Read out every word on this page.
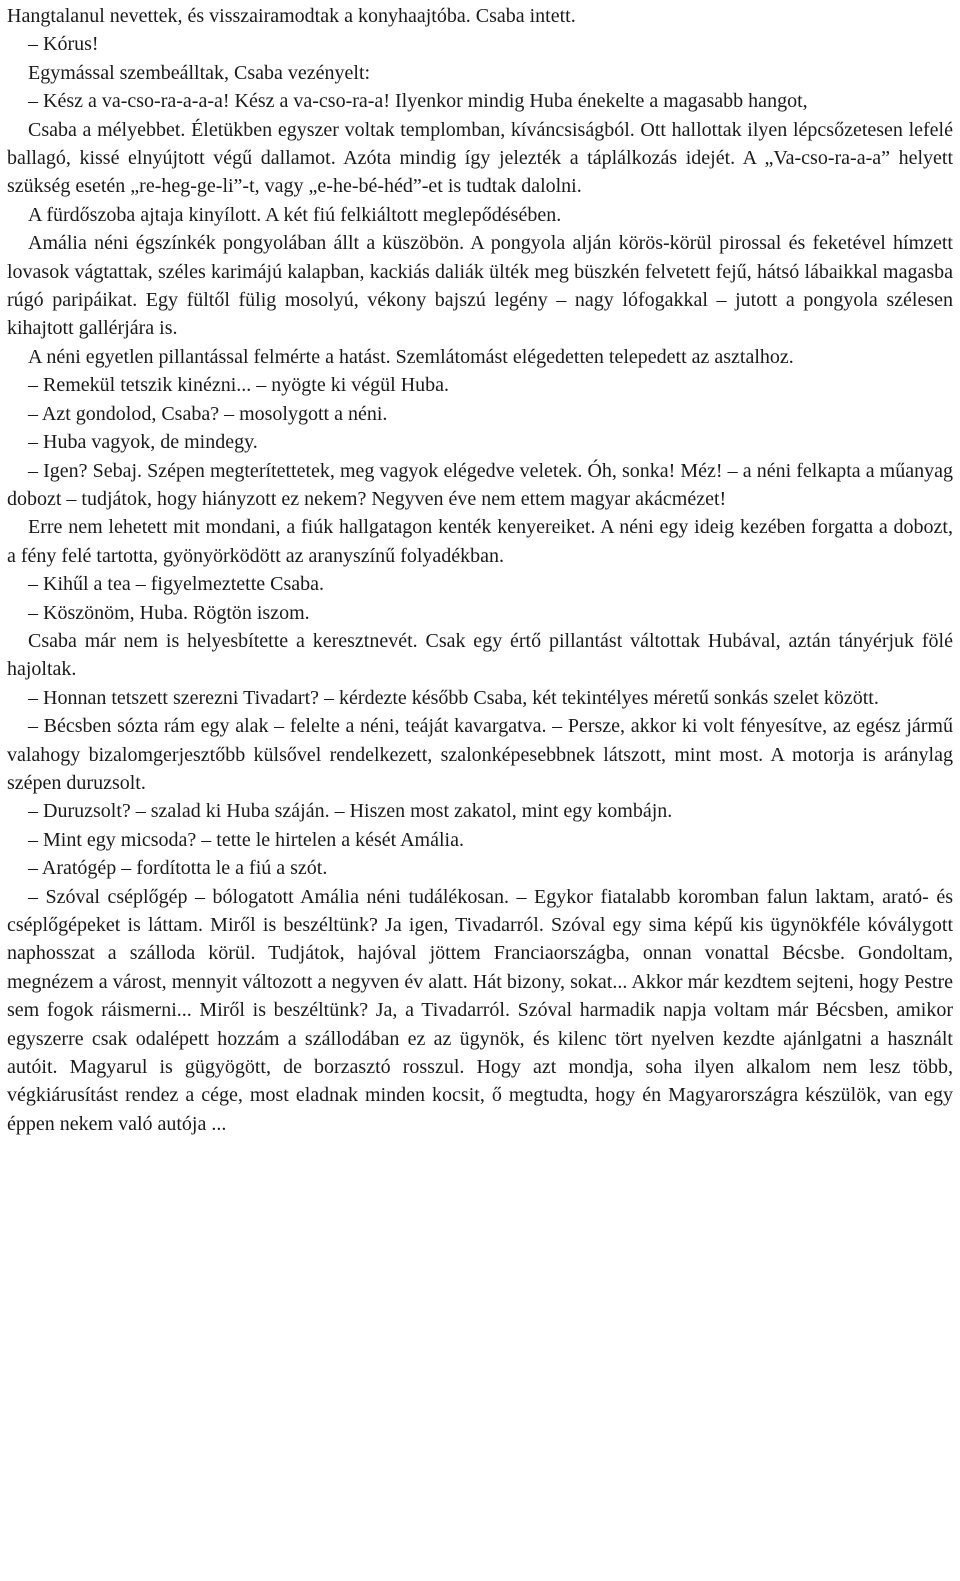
Hangtalanul nevettek, és visszairamodtak a konyhaajtóba. Csaba intett.

– Kórus!

Egymással szembeálltak, Csaba vezényelt:

– Kész a va-cso-ra-a-a-a! Kész a va-cso-ra-a! Ilyenkor mindig Huba énekelte a magasabb hangot,

Csaba a mélyebbet. Életükben egyszer voltak templomban, kíváncsiságból. Ott hallottak ilyen lépcsőzetesen lefelé ballagó, kissé elnyújtott végű dallamot. Azóta mindig így jelezték a táplálkozás idejét. A „Va-cso-ra-a-a” helyett szükség esetén „re-heg-ge-li”-t, vagy „e-he-bé-héd”-et is tudtak dalolni.

A fürdőszoba ajtaja kinyílott. A két fiú felkiáltott meglepődésében.

Amália néni égszínkék pongyolában állt a küszöbön. A pongyola alján körös-körül pirossal és feketével hímzett lovasok vágtattak, széles karimájú kalapban, kackiás daliák ülték meg büszkén felvetett fejű, hátsó lábaikkal magasba rúgó paripáikat. Egy fültől fülig mosolyú, vékony bajszú legény – nagy lófogakkal – jutott a pongyola szélesen kihajtott gallérjára is.

A néni egyetlen pillantással felmérte a hatást. Szemlátomást elégedetten telepedett az asztalhoz.

– Remekül tetszik kinézni... – nyögte ki végül Huba.

– Azt gondolod, Csaba? – mosolygott a néni.

– Huba vagyok, de mindegy.

– Igen? Sebaj. Szépen megterítettetek, meg vagyok elégedve veletek. Óh, sonka! Méz! – a néni felkapta a műanyag dobozt – tudjátok, hogy hiányzott ez nekem? Negyven éve nem ettem magyar akácmézet!

Erre nem lehetett mit mondani, a fiúk hallgatagon kenték kenyereiket. A néni egy ideig kezében forgatta a dobozt, a fény felé tartotta, gyönyörködött az aranyszínű folyadékban.

– Kihűl a tea – figyelmeztette Csaba.

– Köszönöm, Huba. Rögtön iszom.

Csaba már nem is helyesbítette a keresztnevét. Csak egy értő pillantást váltottak Hubával, aztán tányérjuk fölé hajoltak.

– Honnan tetszett szerezni Tivadart? – kérdezte később Csaba, két tekintélyes méretű sonkás szelet között.

– Bécsben sózta rám egy alak – felelte a néni, teáját kavargatva. – Persze, akkor ki volt fényesítve, az egész jármű valahogy bizalomgerjesztőbb külsővel rendelkezett, szalonképesebbnek látszott, mint most. A motorja is aránylag szépen duruzsolt.

– Duruzsolt? – szalad ki Huba száján. – Hiszen most zakatol, mint egy kombájn.

– Mint egy micsoda? – tette le hirtelen a kését Amália.

– Aratógép – fordította le a fiú a szót.

– Szóval cséplőgép – bólogatott Amália néni tudálékosan. – Egykor fiatalabb koromban falun laktam, arató- és cséplőgépeket is láttam. Miről is beszéltünk? Ja igen, Tivadarról. Szóval egy sima képű kis ügynökféle kóválygott naphosszat a szálloda körül. Tudjátok, hajóval jöttem Franciaországba, onnan vonattal Bécsbe. Gondoltam, megnézem a várost, mennyit változott a negyven év alatt. Hát bizony, sokat... Akkor már kezdtem sejteni, hogy Pestre sem fogok ráismerni... Miről is beszéltünk? Ja, a Tivadarról. Szóval harmadik napja voltam már Bécsben, amikor egyszerre csak odalépett hozzám a szállodában ez az ügynök, és kilenc tört nyelven kezdte ajánlgatni a használt autóit. Magyarul is gügyögött, de borzasztó rosszul. Hogy azt mondja, soha ilyen alkalom nem lesz több, végkiárusítást rendez a cége, most eladnak minden kocsit, ő megtudta, hogy én Magyarországra készülök, van egy éppen nekem való autója ...
